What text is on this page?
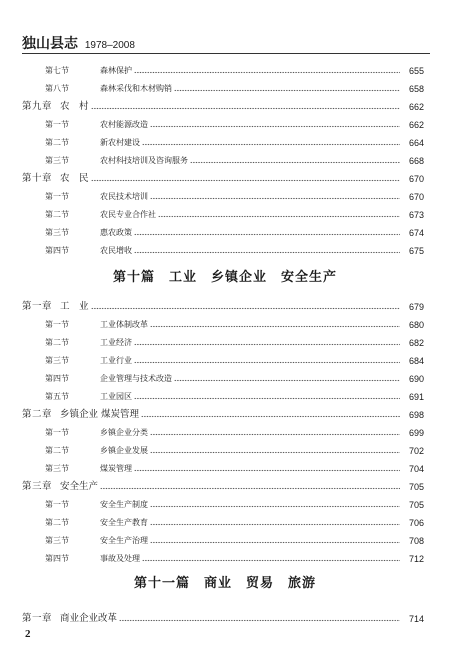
独山县志 1978–2008
第七节	森林保护	655
第八节	森林采伐和木材购销	658
第九章 农　村	662
第一节	农村能源改造	662
第二节	新农村建设	664
第三节	农村科技培训及咨询服务	668
第十章 农　民	670
第一节	农民技术培训	670
第二节	农民专业合作社	673
第三节	惠农政策	674
第四节	农民增收	675
第一章 工　业	679
第一节	工业体制改革	680
第二节	工业经济	682
第三节	工业行业	684
第四节	企业管理与技术改造	690
第五节	工业园区	691
第二章 乡镇企业 煤炭管理	698
第一节	乡镇企业分类	699
第二节	乡镇企业发展	702
第三节	煤炭管理	704
第三章 安全生产	705
第一节	安全生产制度	705
第二节	安全生产教育	706
第三节	安全生产治理	708
第四节	事故及处理	712
第一章 商业企业改革	714
第十篇　工业　乡镇企业　安全生产
第十一篇　商业　贸易　旅游
2
